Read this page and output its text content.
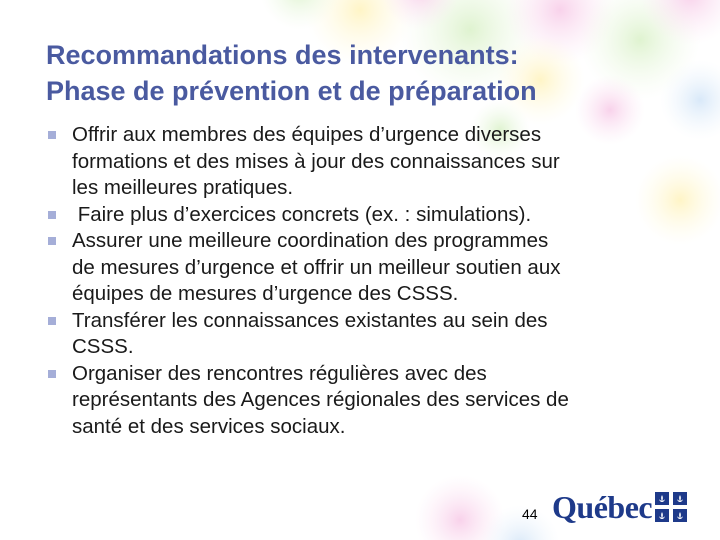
Recommandations des intervenants:
Phase de prévention et de préparation
Offrir aux membres des équipes d’urgence diverses
formations et des mises à jour des connaissances sur
les meilleures pratiques.
Faire plus d’exercices concrets (ex. : simulations).
Assurer une meilleure coordination des programmes
de mesures d’urgence et offrir un meilleur soutien aux
équipes de mesures d’urgence des CSSS.
Transférer les connaissances existantes au sein des
CSSS.
Organiser des rencontres régulières avec des
représentants des Agences régionales des services de
santé et des services sociaux.
44 Québec
